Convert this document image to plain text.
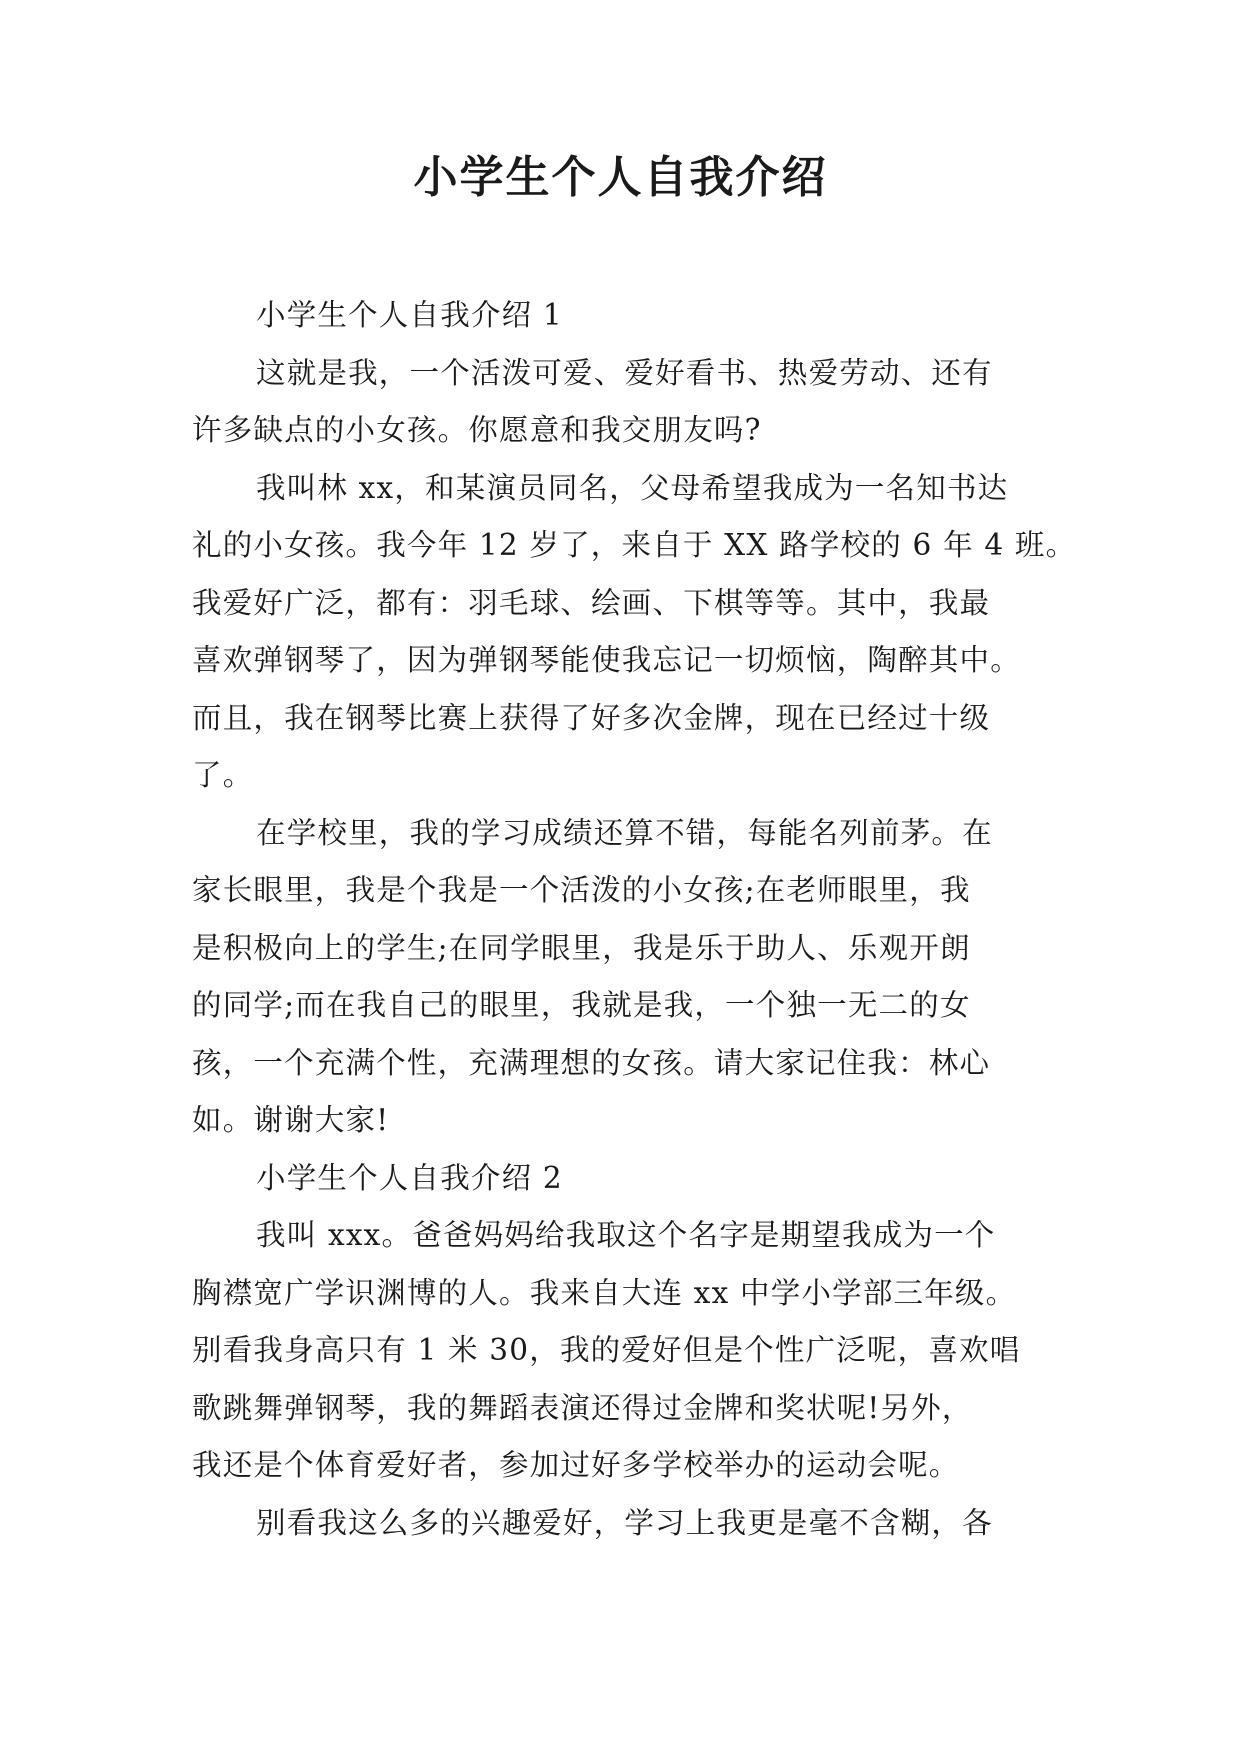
小学生个人自我介绍
小学生个人自我介绍 1
这就是我，一个活泼可爱、爱好看书、热爱劳动、还有
许多缺点的小女孩。你愿意和我交朋友吗?
我叫林 xx，和某演员同名，父母希望我成为一名知书达
礼的小女孩。我今年 12 岁了，来自于 XX 路学校的 6 年 4 班。
我爱好广泛，都有：羽毛球、绘画、下棋等等。其中，我最
喜欢弹钢琴了，因为弹钢琴能使我忘记一切烦恼，陶醉其中。
而且，我在钢琴比赛上获得了好多次金牌，现在已经过十级
了。
在学校里，我的学习成绩还算不错，每能名列前茅。在
家长眼里，我是个我是一个活泼的小女孩;在老师眼里，我
是积极向上的学生;在同学眼里，我是乐于助人、乐观开朗
的同学;而在我自己的眼里，我就是我，一个独一无二的女
孩，一个充满个性，充满理想的女孩。请大家记住我：林心
如。谢谢大家!
小学生个人自我介绍 2
我叫 xxx。爸爸妈妈给我取这个名字是期望我成为一个
胸襟宽广学识渊博的人。我来自大连 xx 中学小学部三年级。
别看我身高只有 1 米 30，我的爱好但是个性广泛呢，喜欢唱
歌跳舞弹钢琴，我的舞蹈表演还得过金牌和奖状呢!另外，
我还是个体育爱好者，参加过好多学校举办的运动会呢。
别看我这么多的兴趣爱好，学习上我更是毫不含糊，各
